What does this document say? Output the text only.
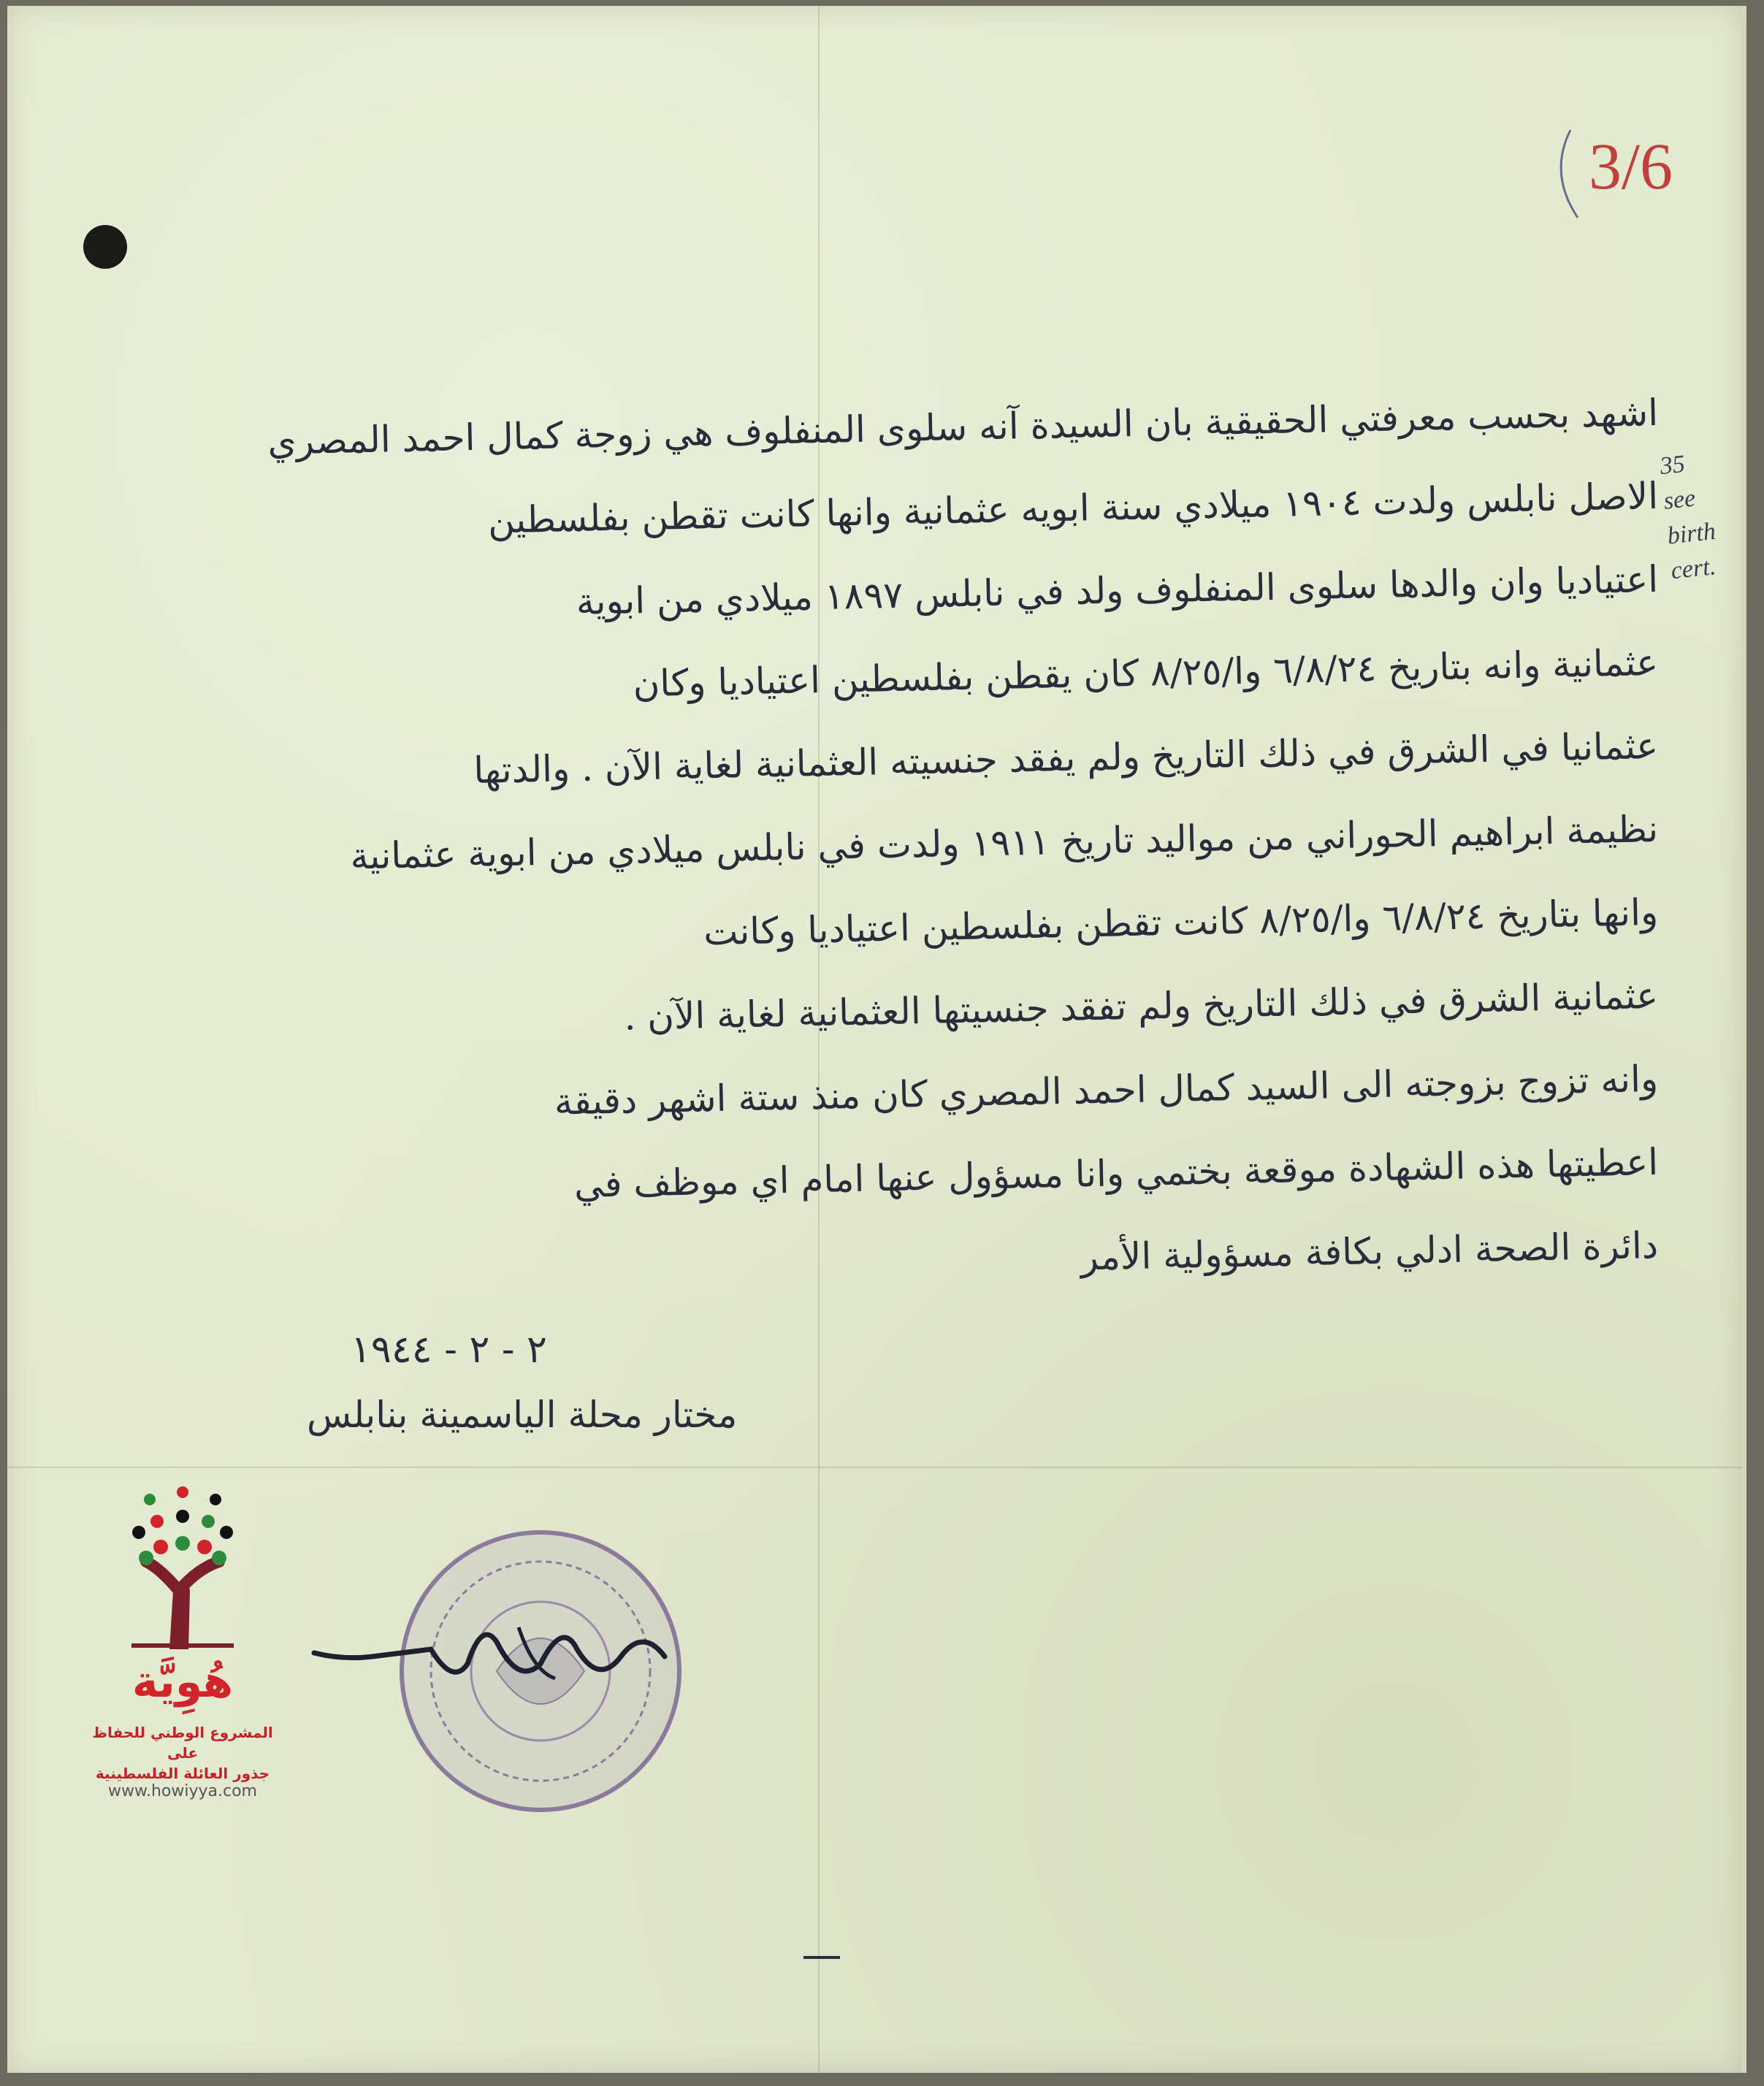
3/6
35
see
birth
cert.
اشهد بحسب معرفتي الحقيقية بان السيدة آنه سلوى المنفلوف هي زوجة كمال احمد المصري
الاصل نابلس ولدت ١٩٠٤ ميلادي سنة ابويه عثمانية وانها كانت تقطن بفلسطين
اعتياديا وان والدها سلوى المنفلوف ولد في نابلس ١٨٩٧ ميلادي من ابوية
عثمانية وانه بتاريخ ٦/٨/٢٤ وا/٨/٢٥ كان يقطن بفلسطين اعتياديا وكان
عثمانيا في الشرق في ذلك التاريخ ولم يفقد جنسيته العثمانية لغاية الآن . والدتها
نظيمة ابراهيم الحوراني من مواليد تاريخ ١٩١١ ولدت في نابلس ميلادي من ابوية عثمانية
وانها بتاريخ ٦/٨/٢٤ وا/٨/٢٥ كانت تقطن بفلسطين اعتياديا وكانت
عثمانية الشرق في ذلك التاريخ ولم تفقد جنسيتها العثمانية لغاية الآن .
وانه تزوج بزوجته الى السيد كمال احمد المصري كان منذ ستة اشهر دقيقة
اعطيتها هذه الشهادة موقعة بختمي وانا مسؤول عنها امام اي موظف في
دائرة الصحة ادلي بكافة مسؤولية الأمر
٢ - ٢ - ١٩٤٤
مختار محلة الياسمينة بنابلس
هُوِيَّة
المشروع الوطني للحفاظ على
جذور العائلة الفلسطينية
www.howiyya.com
